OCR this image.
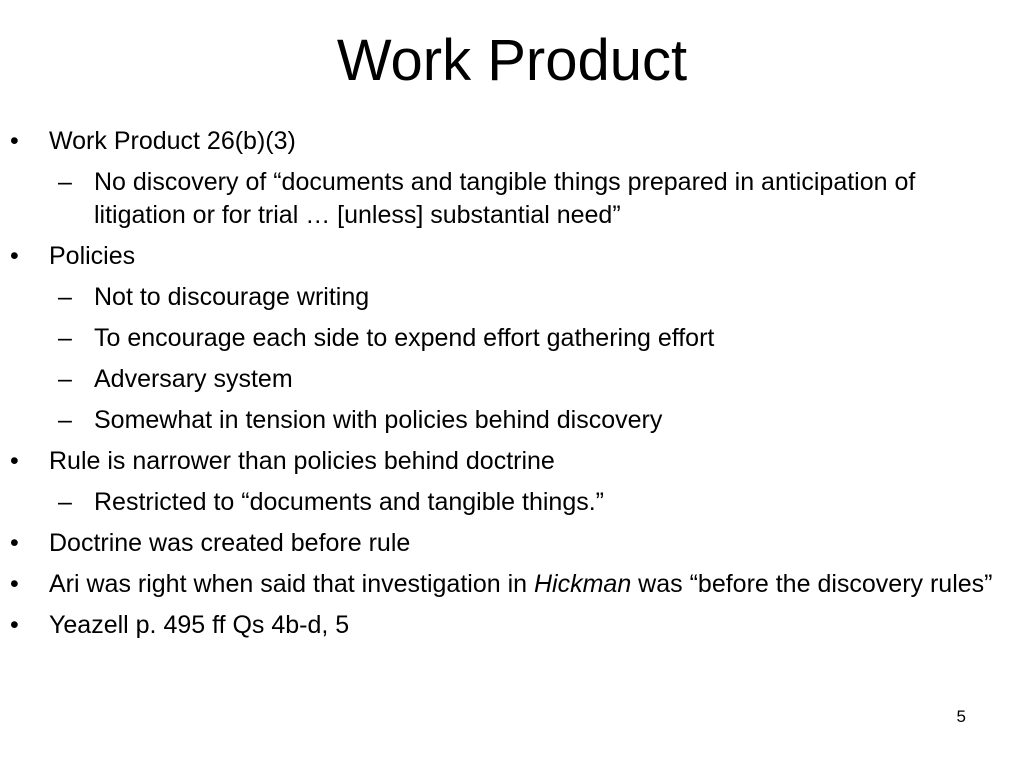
Work Product
• Work Product 26(b)(3)
– No discovery of “documents and tangible things prepared in anticipation of litigation or for trial … [unless] substantial need”
• Policies
– Not to discourage writing
– To encourage each side to expend effort gathering effort
– Adversary system
– Somewhat in tension with policies behind discovery
• Rule is narrower than policies behind doctrine
– Restricted to “documents and tangible things.”
• Doctrine was created before rule
• Ari was right when said that investigation in Hickman was “before the discovery rules”
• Yeazell p. 495 ff Qs 4b-d, 5
5
